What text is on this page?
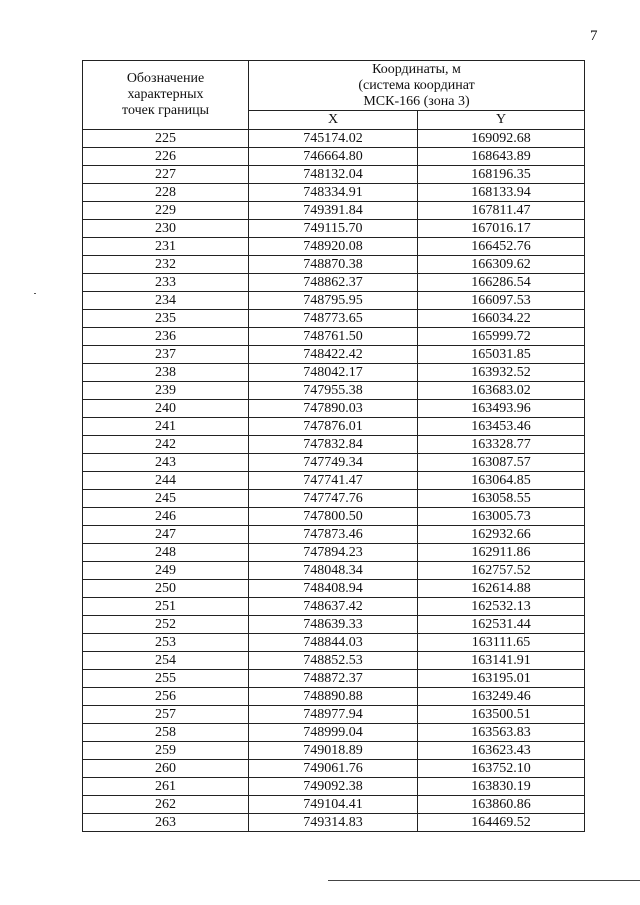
7
Обозначение
характерных
точек границы	Координаты, м
(система координат
МСК-166 (зона 3)	

	X	Y
225	745174.02	169092.68
226	746664.80	168643.89
227	748132.04	168196.35
228	748334.91	168133.94
229	749391.84	167811.47
230	749115.70	167016.17
231	748920.08	166452.76
232	748870.38	166309.62
233	748862.37	166286.54
234	748795.95	166097.53
235	748773.65	166034.22
236	748761.50	165999.72
237	748422.42	165031.85
238	748042.17	163932.52
239	747955.38	163683.02
240	747890.03	163493.96
241	747876.01	163453.46
242	747832.84	163328.77
243	747749.34	163087.57
244	747741.47	163064.85
245	747747.76	163058.55
246	747800.50	163005.73
247	747873.46	162932.66
248	747894.23	162911.86
249	748048.34	162757.52
250	748408.94	162614.88
251	748637.42	162532.13
252	748639.33	162531.44
253	748844.03	163111.65
254	748852.53	163141.91
255	748872.37	163195.01
256	748890.88	163249.46
257	748977.94	163500.51
258	748999.04	163563.83
259	749018.89	163623.43
260	749061.76	163752.10
261	749092.38	163830.19
262	749104.41	163860.86
263	749314.83	164469.52
